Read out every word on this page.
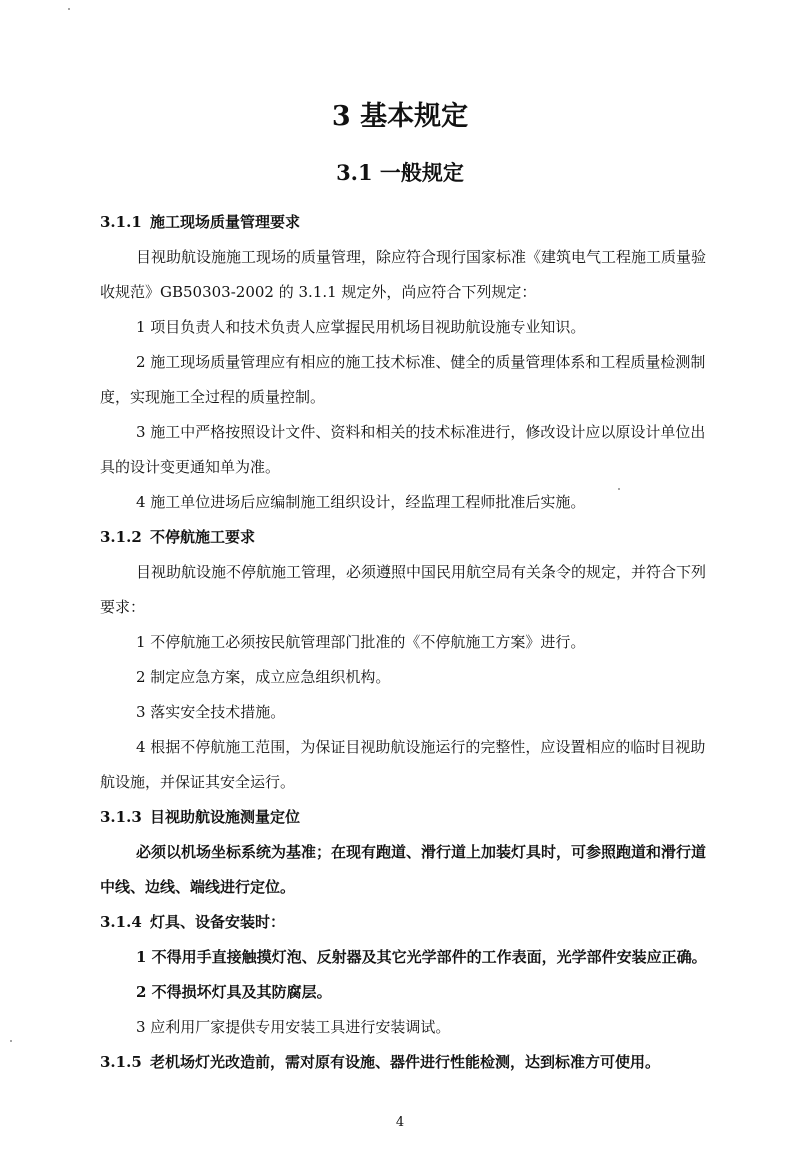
3 基本规定
3.1 一般规定
3.1.1 施工现场质量管理要求
目视助航设施施工现场的质量管理，除应符合现行国家标准《建筑电气工程施工质量验
收规范》GB50303-2002 的 3.1.1 规定外，尚应符合下列规定：
1 项目负责人和技术负责人应掌握民用机场目视助航设施专业知识。
2 施工现场质量管理应有相应的施工技术标准、健全的质量管理体系和工程质量检测制
度，实现施工全过程的质量控制。
3 施工中严格按照设计文件、资料和相关的技术标准进行，修改设计应以原设计单位出
具的设计变更通知单为准。
4 施工单位进场后应编制施工组织设计，经监理工程师批准后实施。
3.1.2 不停航施工要求
目视助航设施不停航施工管理，必须遵照中国民用航空局有关条令的规定，并符合下列
要求：
1 不停航施工必须按民航管理部门批准的《不停航施工方案》进行。
2 制定应急方案，成立应急组织机构。
3 落实安全技术措施。
4 根据不停航施工范围，为保证目视助航设施运行的完整性，应设置相应的临时目视助
航设施，并保证其安全运行。
3.1.3 目视助航设施测量定位
必须以机场坐标系统为基准；在现有跑道、滑行道上加装灯具时，可参照跑道和滑行道
中线、边线、端线进行定位。
3.1.4 灯具、设备安装时：
1 不得用手直接触摸灯泡、反射器及其它光学部件的工作表面，光学部件安装应正确。
2 不得损坏灯具及其防腐层。
3 应利用厂家提供专用安装工具进行安装调试。
3.1.5 老机场灯光改造前，需对原有设施、器件进行性能检测，达到标准方可使用。
4
